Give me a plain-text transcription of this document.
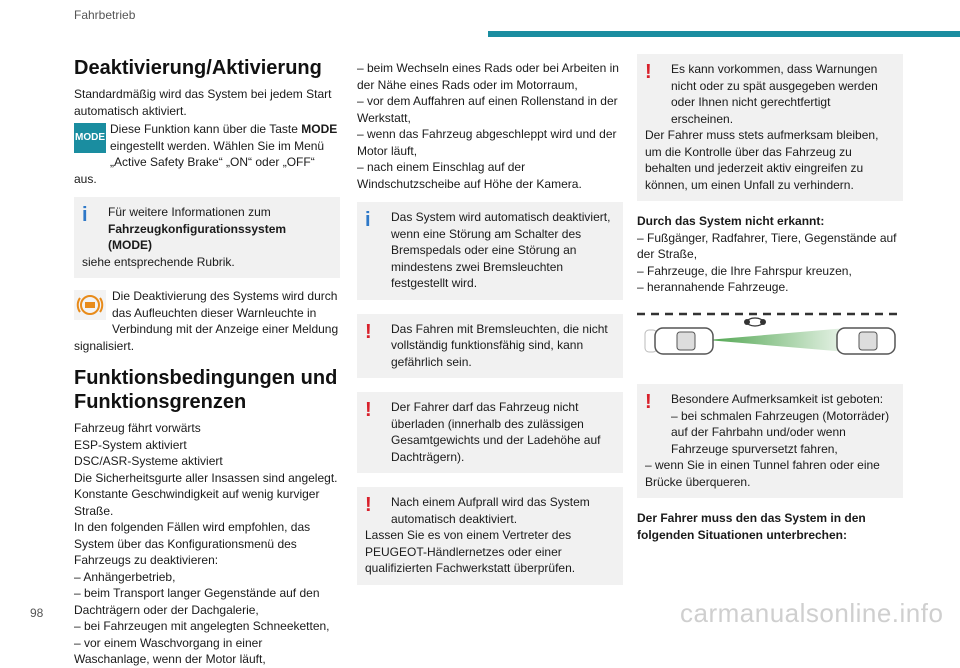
Fahrbetrieb
Deaktivierung/Aktivierung

Standardmäßig wird das System bei jedem Start automatisch aktiviert.

MODE
Diese Funktion kann über die Taste MODE eingestellt werden. Wählen Sie im Menü „Active Safety Brake“ „ON“ oder „OFF“ aus.
i	Für weitere Informationen zum Fahrzeugkonfigurationssystem (MODE)

siehe entsprechende Rubrik.

Die Deaktivierung des Systems wird durch das Aufleuchten dieser Warnleuchte in Verbindung mit der Anzeige einer Meldung signalisiert.
Funktionsbedingungen und Funktionsgrenzen
Fahrzeug fährt vorwärts
ESP-System aktiviert
DSC/ASR-Systeme aktiviert
Die Sicherheitsgurte aller Insassen sind angelegt.
Konstante Geschwindigkeit auf wenig kurviger Straße.
In den folgenden Fällen wird empfohlen, das System über das Konfigurationsmenü des Fahrzeugs zu deaktivieren:
– Anhängerbetrieb,
– beim Transport langer Gegenstände auf den Dachträgern oder der Dachgalerie,
– bei Fahrzeugen mit angelegten Schneeketten,
– vor einem Waschvorgang in einer Waschanlage, wenn der Motor läuft,
– beim Wechseln eines Rads oder bei Arbeiten in der Nähe eines Rads oder im Motorraum,
– vor dem Auffahren auf einen Rollenstand in der Werkstatt,
– wenn das Fahrzeug abgeschleppt wird und der Motor läuft,
– nach einem Einschlag auf der Windschutzscheibe auf Höhe der Kamera.
i	Das System wird automatisch deaktiviert, wenn eine Störung am Schalter des Bremspedals oder eine Störung an mindestens zwei Bremsleuchten festgestellt wird.

!	Das Fahren mit Bremsleuchten, die nicht vollständig funktionsfähig sind, kann gefährlich sein.

!	Der Fahrer darf das Fahrzeug nicht überladen (innerhalb des zulässigen Gesamtgewichts und der Ladehöhe auf Dachträgern).

!	Nach einem Aufprall wird das System automatisch deaktiviert.

Lassen Sie es von einem Vertreter des PEUGEOT-Händlernetzes oder einer qualifizierten Fachwerkstatt überprüfen.

!	Es kann vorkommen, dass Warnungen nicht oder zu spät ausgegeben werden oder Ihnen nicht gerechtfertigt erscheinen.

Der Fahrer muss stets aufmerksam bleiben, um die Kontrolle über das Fahrzeug zu behalten und jederzeit aktiv eingreifen zu können, um einen Unfall zu verhindern.

Durch das System nicht erkannt:

– Fußgänger, Radfahrer, Tiere, Gegenstände auf der Straße,
– Fahrzeuge, die Ihre Fahrspur kreuzen,
– herannahende Fahrzeuge.
!	Besondere Aufmerksamkeit ist geboten:

– bei schmalen Fahrzeugen (Motorräder) auf der Fahrbahn und/oder wenn Fahrzeuge spurversetzt fahren,

– wenn Sie in einen Tunnel fahren oder eine Brücke überqueren.

Der Fahrer muss den das System in den folgenden Situationen unterbrechen:

98	carmanualsonline.info
